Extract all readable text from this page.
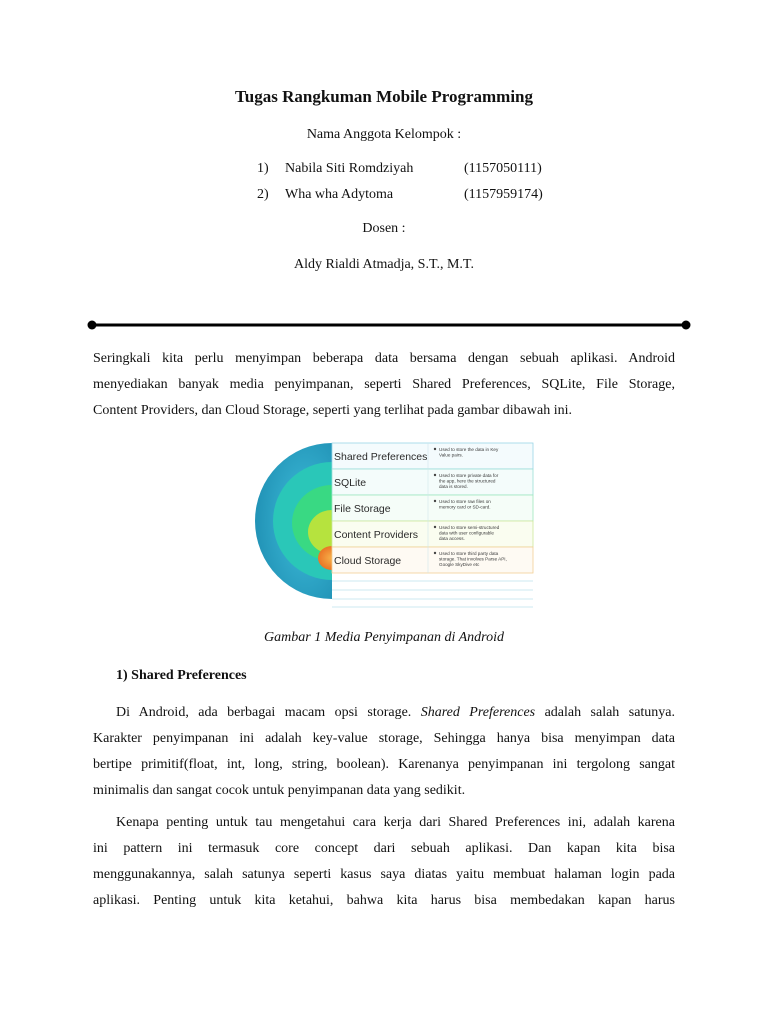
Tugas Rangkuman Mobile Programming
Nama Anggota Kelompok :
1) Nabila Siti Romdziyah	(1157050111)
2) Wha wha Adytoma	(1157959174)
Dosen :
Aldy Rialdi Atmadja, S.T., M.T.
Seringkali kita perlu menyimpan beberapa data bersama dengan sebuah aplikasi. Android
menyediakan banyak media penyimpanan, seperti Shared Preferences, SQLite, File Storage,
Content Providers, dan Cloud Storage, seperti yang terlihat pada gambar dibawah ini.
Shared Preferences
Used to store the data in Key
Value pairs.
SQLite
Used to store private data for
the app, here the structured
data is stored.
File Storage
Used to store raw files on
memory card or SD-card.
Content Providers
Used to store semi-structured
data with user configurable
data access.
Cloud Storage
Used to store third party data
storage. That involves Parse API,
Google SkyDive etc
Gambar 1 Media Penyimpanan di Android
1) Shared Preferences
Di Android, ada berbagai macam opsi storage. Shared Preferences adalah salah satunya.
Karakter penyimpanan ini adalah key-value storage, Sehingga hanya bisa menyimpan data
bertipe primitif(float, int, long, string, boolean). Karenanya penyimpanan ini tergolong sangat
minimalis dan sangat cocok untuk penyimpanan data yang sedikit.
Kenapa penting untuk tau mengetahui cara kerja dari Shared Preferences ini, adalah karena
ini pattern ini termasuk core concept dari sebuah aplikasi. Dan kapan kita bisa
menggunakannya, salah satunya seperti kasus saya diatas yaitu membuat halaman login pada
aplikasi. Penting untuk kita ketahui, bahwa kita harus bisa membedakan kapan harus
